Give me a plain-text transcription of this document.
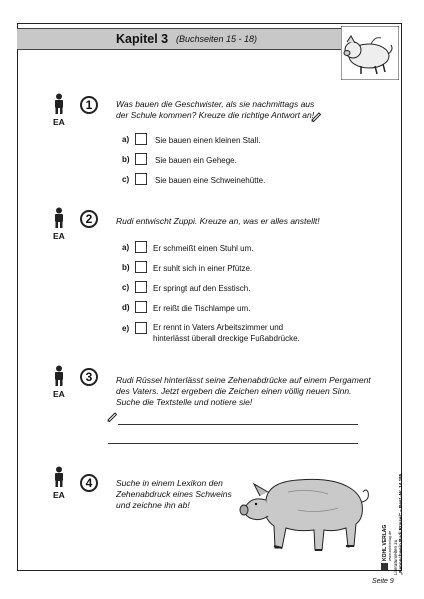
Kapitel 3 (Buchseiten 15 - 18)
EA
1	Was bauen die Geschwister, als sie nachmittags aus
der Schule kommen? Kreuze die richtige Antwort an!
a)	Sie bauen einen kleinen Stall.
b)	Sie bauen ein Gehege.
c)	Sie bauen eine Schweinehütte.
EA
2	Rudi entwischt Zuppi. Kreuze an, was er alles anstellt!
a)	Er schmeißt einen Stuhl um.
b)	Er suhlt sich in einer Pfütze.
c)	Er springt auf den Esstisch.
d)	Er reißt die Tischlampe um.
e)	Er rennt in Vaters Arbeitszimmer und
hinterlässt überall dreckige Fußabdrücke.
EA
3	Rudi Rüssel hinterlässt seine Zehenabdrücke auf einem Pergament
des Vaters. Jetzt ergeben die Zeichen einen völlig neuen Sinn.
Suche die Textstelle und notiere sie!
EA
4	Suche in einem Lexikon den
Zehenabdruck eines Schweins
und zeichne ihn ab!
Literaturseiten zu „Rennschwein Rudi Rüssel" – Best.-Nr. 14 185
KOHL VERLAG www.kohlverlag.de
Seite 9
